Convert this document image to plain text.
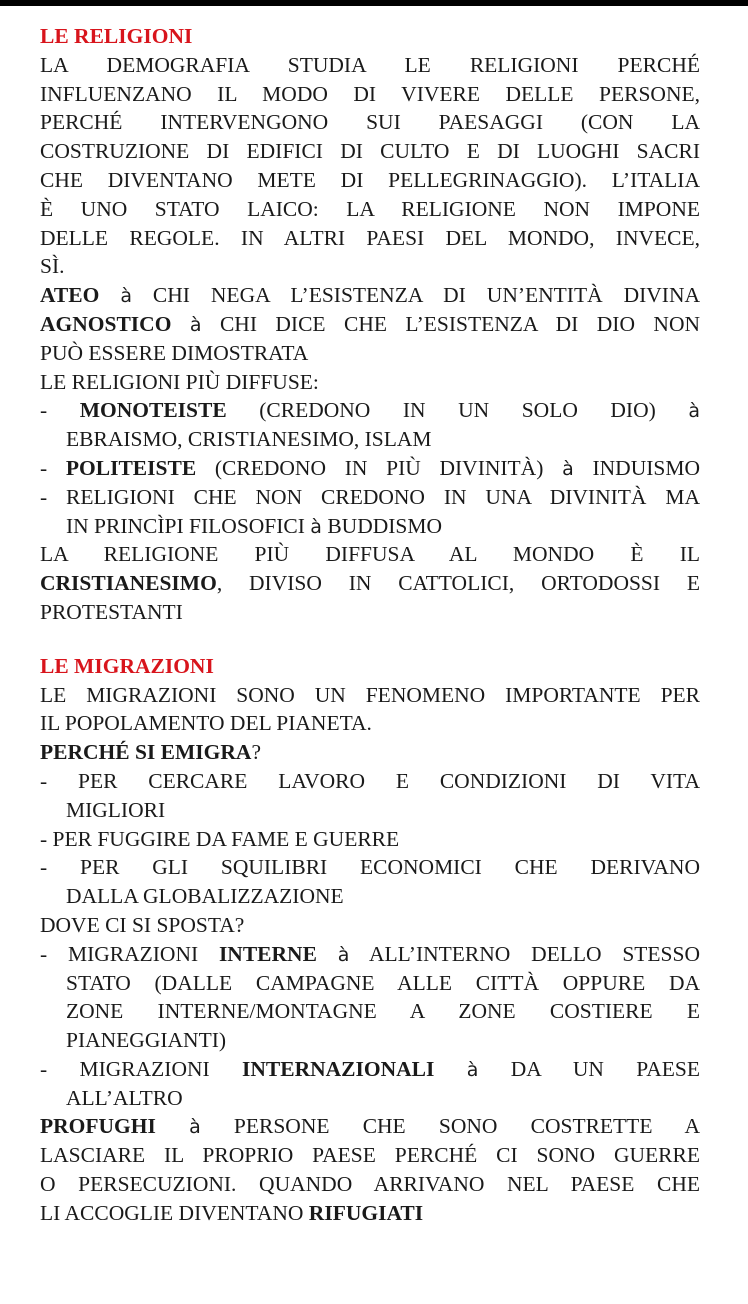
LE RELIGIONI
LA DEMOGRAFIA STUDIA LE RELIGIONI PERCHÉ
INFLUENZANO IL MODO DI VIVERE DELLE PERSONE,
PERCHÉ INTERVENGONO SUI PAESAGGI (CON LA
COSTRUZIONE DI EDIFICI DI CULTO E DI LUOGHI SACRI
CHE DIVENTANO METE DI PELLEGRINAGGIO). L’ITALIA
È UNO STATO LAICO: LA RELIGIONE NON IMPONE
DELLE REGOLE. IN ALTRI PAESI DEL MONDO, INVECE,
SÌ.
ATEO à CHI NEGA L’ESISTENZA DI UN’ENTITÀ DIVINA
AGNOSTICO à CHI DICE CHE L’ESISTENZA DI DIO NON
PUÒ ESSERE DIMOSTRATA
LE RELIGIONI PIÙ DIFFUSE:
- MONOTEISTE (CREDONO IN UN SOLO DIO) à
EBRAISMO, CRISTIANESIMO, ISLAM
- POLITEISTE (CREDONO IN PIÙ DIVINITÀ) à INDUISMO
- RELIGIONI CHE NON CREDONO IN UNA DIVINITÀ MA
IN PRINCÌPI FILOSOFICI à BUDDISMO
LA RELIGIONE PIÙ DIFFUSA AL MONDO È IL
CRISTIANESIMO, DIVISO IN CATTOLICI, ORTODOSSI E
PROTESTANTI
LE MIGRAZIONI
LE MIGRAZIONI SONO UN FENOMENO IMPORTANTE PER
IL POPOLAMENTO DEL PIANETA.
PERCHÉ SI EMIGRA?
- PER CERCARE LAVORO E CONDIZIONI DI VITA
MIGLIORI
- PER FUGGIRE DA FAME E GUERRE
- PER GLI SQUILIBRI ECONOMICI CHE DERIVANO
DALLA GLOBALIZZAZIONE
DOVE CI SI SPOSTA?
- MIGRAZIONI INTERNE à ALL’INTERNO DELLO STESSO
STATO (DALLE CAMPAGNE ALLE CITTÀ OPPURE DA
ZONE INTERNE/MONTAGNE A ZONE COSTIERE E
PIANEGGIANTI)
- MIGRAZIONI INTERNAZIONALI à DA UN PAESE
ALL’ALTRO
PROFUGHI à PERSONE CHE SONO COSTRETTE A
LASCIARE IL PROPRIO PAESE PERCHÉ CI SONO GUERRE
O PERSECUZIONI. QUANDO ARRIVANO NEL PAESE CHE
LI ACCOGLIE DIVENTANO RIFUGIATI
